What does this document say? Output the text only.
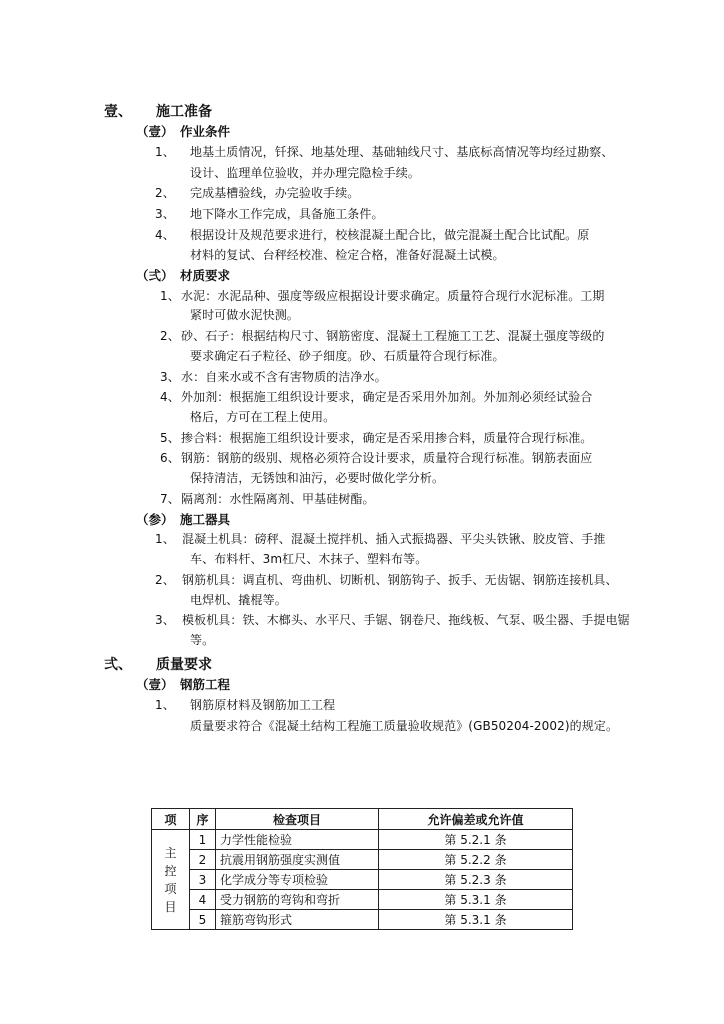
壹、 施工准备
（壹） 作业条件
1、 地基土质情况，钎探、地基处理、基础轴线尺寸、基底标高情况等均经过勘察、
设计、监理单位验收，并办理完隐检手续。
2、 完成基槽验线，办完验收手续。
3、 地下降水工作完成，具备施工条件。
4、 根据设计及规范要求进行，校核混凝土配合比，做完混凝土配合比试配。原
材料的复试、台秤经校准、检定合格，准备好混凝土试模。
（弍） 材质要求
1、 水泥：水泥品种、强度等级应根据设计要求确定。质量符合现行水泥标准。工期
紧时可做水泥快测。
2、 砂、石子：根据结构尺寸、钢筋密度、混凝土工程施工工艺、混凝土强度等级的
要求确定石子粒径、砂子细度。砂、石质量符合现行标准。
3、 水：自来水或不含有害物质的洁净水。
4、 外加剂：根据施工组织设计要求，确定是否采用外加剂。外加剂必须经试验合
格后，方可在工程上使用。
5、 掺合料：根据施工组织设计要求，确定是否采用掺合料，质量符合现行标准。
6、 钢筋：钢筋的级别、规格必须符合设计要求，质量符合现行标准。钢筋表面应
保持清洁，无锈蚀和油污，必要时做化学分析。
7、 隔离剂：水性隔离剂、甲基硅树酯。
（参） 施工器具
1、 混凝土机具：磅秤、混凝土搅拌机、插入式振捣器、平尖头铁锹、胶皮管、手推
车、布料杆、3m杠尺、木抹子、塑料布等。
2、 钢筋机具：调直机、弯曲机、切断机、钢筋钩子、扳手、无齿锯、钢筋连接机具、
电焊机、撬棍等。
3、 模板机具：铁、木榔头、水平尺、手锯、钢卷尺、拖线板、气泵、吸尘器、手提电锯
等。
弍、 质量要求
（壹） 钢筋工程
1、 钢筋原材料及钢筋加工工程
质量要求符合《混凝土结构工程施工质量验收规范》(GB50204-2002)的规定。
项	序	检查项目	允许偏差或允许值

主控项目	1	力学性能检验	第 5.2.1 条
	2	抗震用钢筋强度实测值	第 5.2.2 条
	3	化学成分等专项检验	第 5.2.3 条
	4	受力钢筋的弯钩和弯折	第 5.3.1 条
	5	箍筋弯钩形式	第 5.3.1 条
